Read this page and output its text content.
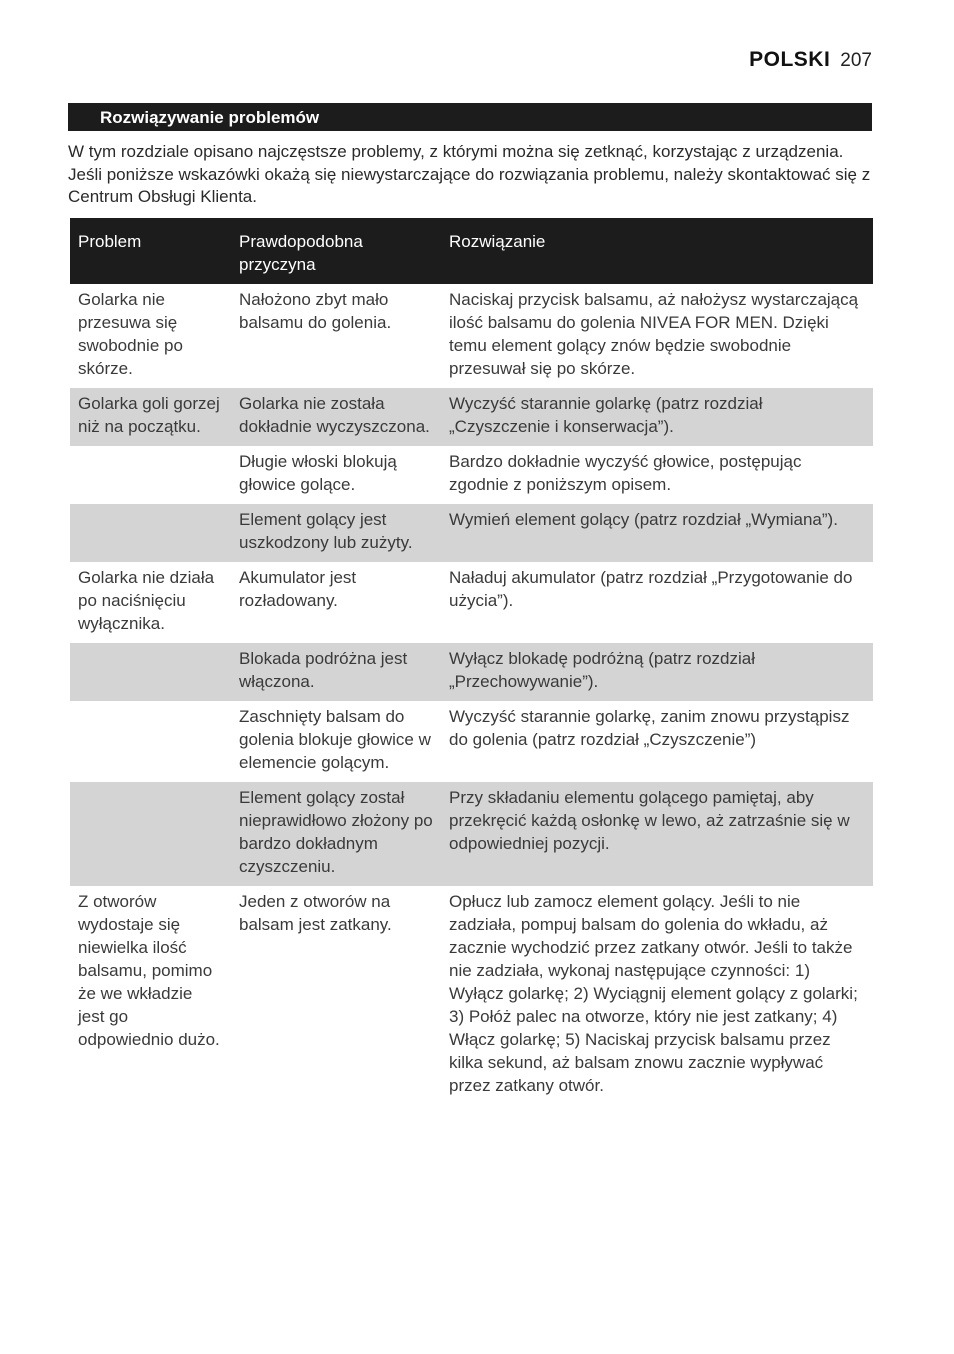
POLSKI 207
Rozwiązywanie problemów

W tym rozdziale opisano najczęstsze problemy, z którymi można się zetknąć, korzystając z urządzenia. Jeśli poniższe wskazówki okażą się niewystarczające do rozwiązania problemu, należy skontaktować się z Centrum Obsługi Klienta.

Problem	Prawdopodobna przyczyna	Rozwiązanie
Golarka nie przesuwa się swobodnie po skórze.	Nałożono zbyt mało balsamu do golenia.	Naciskaj przycisk balsamu, aż nałożysz wystarczającą ilość balsamu do golenia NIVEA FOR MEN. Dzięki temu element golący znów będzie swobodnie przesuwał się po skórze.
Golarka goli gorzej niż na początku.	Golarka nie została dokładnie wyczyszczona.	Wyczyść starannie golarkę (patrz rozdział „Czyszczenie i konserwacja”).
	Długie włoski blokują głowice golące.	Bardzo dokładnie wyczyść głowice, postępując zgodnie z poniższym opisem.
	Element golący jest uszkodzony lub zużyty.	Wymień element golący (patrz rozdział „Wymiana”).
Golarka nie działa po naciśnięciu wyłącznika.	Akumulator jest rozładowany.	Naładuj akumulator (patrz rozdział „Przygotowanie do użycia”).
	Blokada podróżna jest włączona.	Wyłącz blokadę podróżną (patrz rozdział „Przechowywanie”).
	Zaschnięty balsam do golenia blokuje głowice w elemencie golącym.	Wyczyść starannie golarkę, zanim znowu przystąpisz do golenia (patrz rozdział „Czyszczenie”)
	Element golący został nieprawidłowo złożony po bardzo dokładnym czyszczeniu.	Przy składaniu elementu golącego pamiętaj, aby przekręcić każdą osłonkę w lewo, aż zatrzaśnie się w odpowiedniej pozycji.
Z otworów wydostaje się niewielka ilość balsamu, pomimo że we wkładzie jest go odpowiednio dużo.	Jeden z otworów na balsam jest zatkany.	Opłucz lub zamocz element golący. Jeśli to nie zadziała, pompuj balsam do golenia do wkładu, aż zacznie wychodzić przez zatkany otwór. Jeśli to także nie zadziała, wykonaj następujące czynności: 1) Wyłącz golarkę; 2) Wyciągnij element golący z golarki; 3) Połóż palec na otworze, który nie jest zatkany; 4) Włącz golarkę; 5) Naciskaj przycisk balsamu przez kilka sekund, aż balsam znowu zacznie wypływać przez zatkany otwór.
